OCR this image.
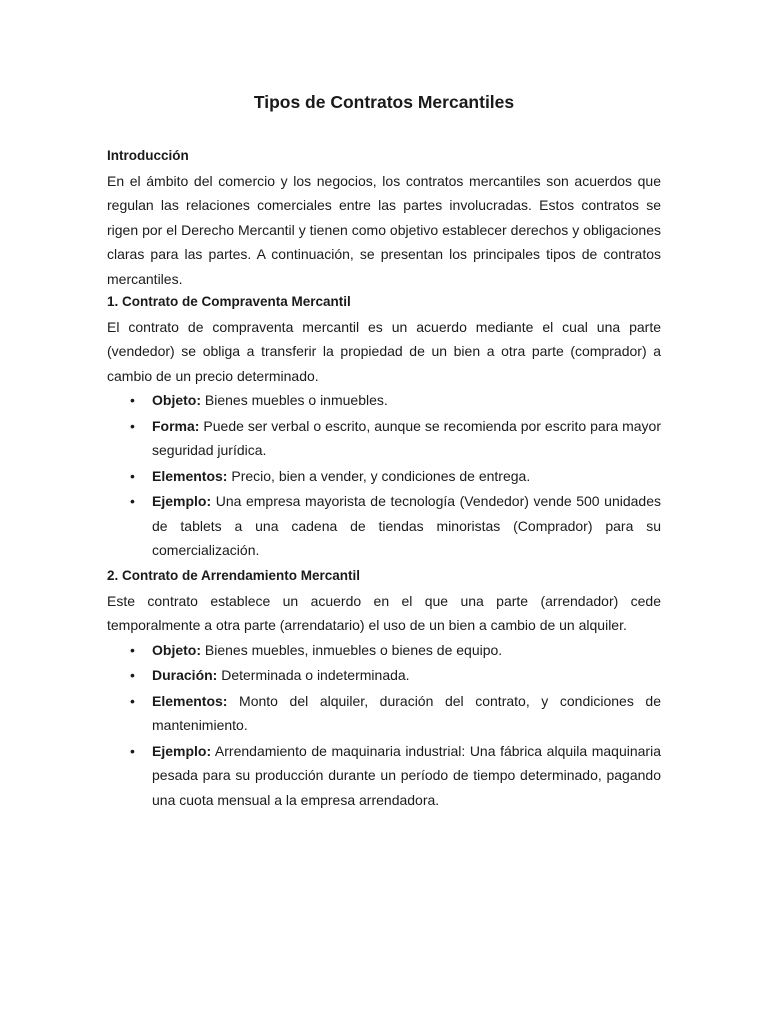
Tipos de Contratos Mercantiles
Introducción

En el ámbito del comercio y los negocios, los contratos mercantiles son acuerdos que regulan las relaciones comerciales entre las partes involucradas. Estos contratos se rigen por el Derecho Mercantil y tienen como objetivo establecer derechos y obligaciones claras para las partes. A continuación, se presentan los principales tipos de contratos mercantiles.

1. Contrato de Compraventa Mercantil

El contrato de compraventa mercantil es un acuerdo mediante el cual una parte (vendedor) se obliga a transferir la propiedad de un bien a otra parte (comprador) a cambio de un precio determinado.

• Objeto: Bienes muebles o inmuebles.
• Forma: Puede ser verbal o escrito, aunque se recomienda por escrito para mayor seguridad jurídica.
• Elementos: Precio, bien a vender, y condiciones de entrega.
• Ejemplo: Una empresa mayorista de tecnología (Vendedor) vende 500 unidades de tablets a una cadena de tiendas minoristas (Comprador) para su comercialización.
2. Contrato de Arrendamiento Mercantil

Este contrato establece un acuerdo en el que una parte (arrendador) cede temporalmente a otra parte (arrendatario) el uso de un bien a cambio de un alquiler.

• Objeto: Bienes muebles, inmuebles o bienes de equipo.
• Duración: Determinada o indeterminada.
• Elementos: Monto del alquiler, duración del contrato, y condiciones de mantenimiento.
• Ejemplo: Arrendamiento de maquinaria industrial: Una fábrica alquila maquinaria pesada para su producción durante un período de tiempo determinado, pagando una cuota mensual a la empresa arrendadora.
